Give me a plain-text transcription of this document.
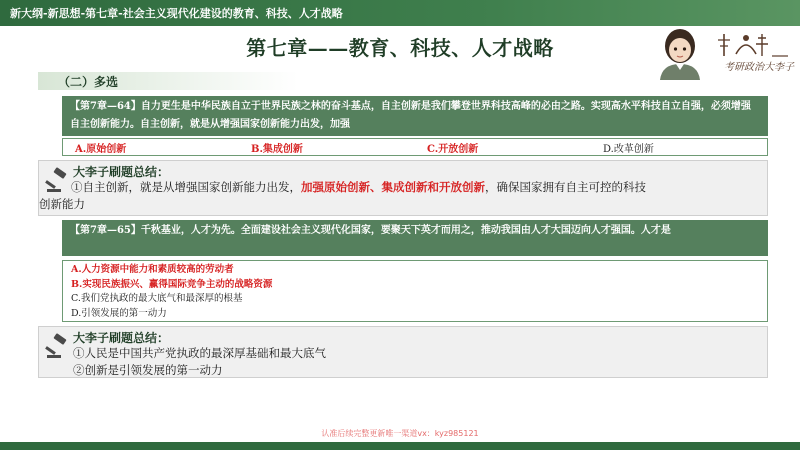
新大纲-新思想-第七章-社会主义现代化建设的教育、科技、人才战略
第七章——教育、科技、人才战略
考研政治大李子
（二）多选
【第7章—64】自力更生是中华民族自立于世界民族之林的奋斗基点，自主创新是我们攀登世界科技高峰的必由之路。实现高水平科技自立自强，必须增强自主创新能力。自主创新，就是从增强国家创新能力出发，加强
A.原始创新	B.集成创新	C.开放创新	D.改革创新
大李子刷题总结：
①自主创新，就是从增强国家创新能力出发，加强原始创新、集成创新和开放创新，确保国家拥有自主可控的科技
创新能力
【第7章—65】千秋基业，人才为先。全面建设社会主义现代化国家，要聚天下英才而用之，推动我国由人才大国迈向人才强国。人才是
A.人力资源中能力和素质较高的劳动者
B.实现民族振兴、赢得国际竞争主动的战略资源
C.我们党执政的最大底气和最深厚的根基
D.引领发展的第一动力
大李子刷题总结：
①人民是中国共产党执政的最深厚基础和最大底气
②创新是引领发展的第一动力
认准后续完整更新唯一渠道vx：kyz985121
